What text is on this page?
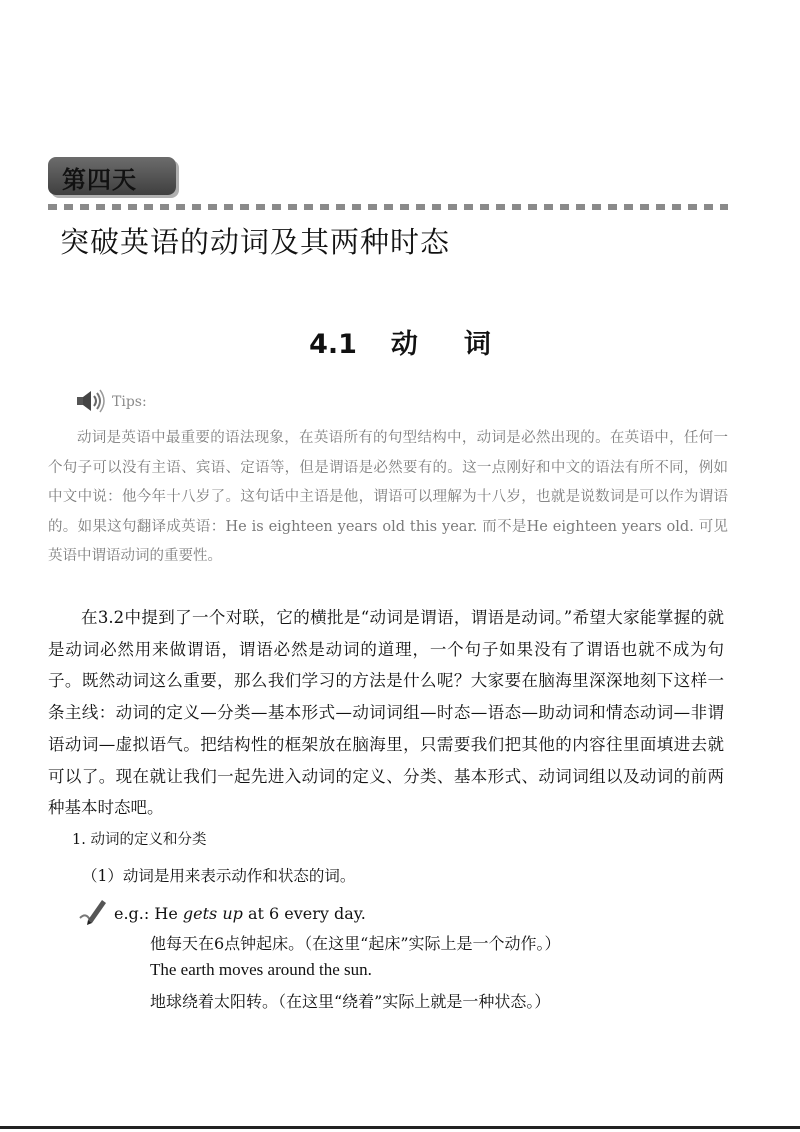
第四天
突破英语的动词及其两种时态
4.1 动词
Tips:

动词是英语中最重要的语法现象，在英语所有的句型结构中，动词是必然出现的。在英语中，任何一个句子可以没有主语、宾语、定语等，但是谓语是必然要有的。这一点刚好和中文的语法有所不同，例如中文中说：他今年十八岁了。这句话中主语是他，谓语可以理解为十八岁，也就是说数词是可以作为谓语的。如果这句翻译成英语：He is eighteen years old this year. 而不是He eighteen years old. 可见英语中谓语动词的重要性。

在3.2中提到了一个对联，它的横批是“动词是谓语，谓语是动词。”希望大家能掌握的就是动词必然用来做谓语，谓语必然是动词的道理，一个句子如果没有了谓语也就不成为句子。既然动词这么重要，那么我们学习的方法是什么呢？大家要在脑海里深深地刻下这样一条主线：动词的定义—分类—基本形式—动词词组—时态—语态—助动词和情态动词—非谓语动词—虚拟语气。把结构性的框架放在脑海里，只需要我们把其他的内容往里面填进去就可以了。现在就让我们一起先进入动词的定义、分类、基本形式、动词词组以及动词的前两种基本时态吧。

1. 动词的定义和分类
（1）动词是用来表示动作和状态的词。
e.g.: He gets up at 6 every day.
他每天在6点钟起床。（在这里“起床”实际上是一个动作。）
The earth moves around the sun.
地球绕着太阳转。（在这里“绕着”实际上就是一种状态。）
